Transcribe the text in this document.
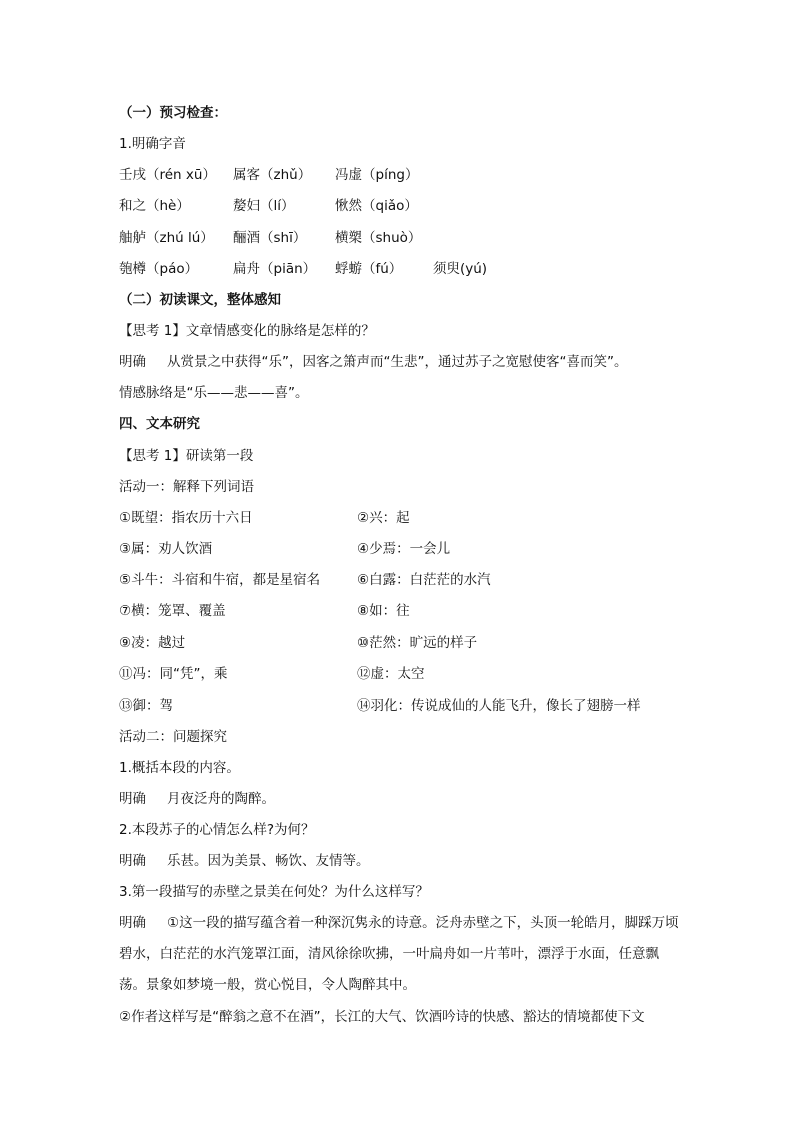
（一）预习检查：
1.明确字音
壬戌（rén xū） 属客（zhǔ） 冯虚（píng）
和之（hè）	嫠妇（lí）	愀然（qiǎo）
舳舻（zhú lú） 酾酒（shī） 横槊（shuò）
匏樽（páo）	扁舟（piān） 蜉蝣（fú） 须臾(yú)
（二）初读课文，整体感知
【思考 1】文章情感变化的脉络是怎样的？
明确 从赏景之中获得“乐”，因客之箫声而“生悲”，通过苏子之宽慰使客“喜而笑”。
情感脉络是“乐——悲——喜”。
四、文本研究
【思考 1】研读第一段
活动一：解释下列词语
①既望：指农历十六日	②兴：起
③属：劝人饮酒	④少焉：一会儿
⑤斗牛：斗宿和牛宿，都是星宿名	⑥白露：白茫茫的水汽
⑦横：笼罩、覆盖	⑧如：往
⑨凌：越过	⑩茫然：旷远的样子
⑪冯：同“凭”，乘	⑫虚：太空
⑬御：驾	⑭羽化：传说成仙的人能飞升，像长了翅膀一样
活动二：问题探究
1.概括本段的内容。
明确 月夜泛舟的陶醉。
2.本段苏子的心情怎么样?为何？
明确 乐甚。因为美景、畅饮、友情等。
3.第一段描写的赤壁之景美在何处？为什么这样写？
明确 ①这一段的描写蕴含着一种深沉隽永的诗意。泛舟赤壁之下，头顶一轮皓月，脚踩万顷碧水，白茫茫的水汽笼罩江面，清风徐徐吹拂，一叶扁舟如一片苇叶，漂浮于水面，任意飘荡。景象如梦境一般，赏心悦目，令人陶醉其中。
②作者这样写是“醉翁之意不在酒”，长江的大气、饮酒吟诗的快感、豁达的情境都使下文
